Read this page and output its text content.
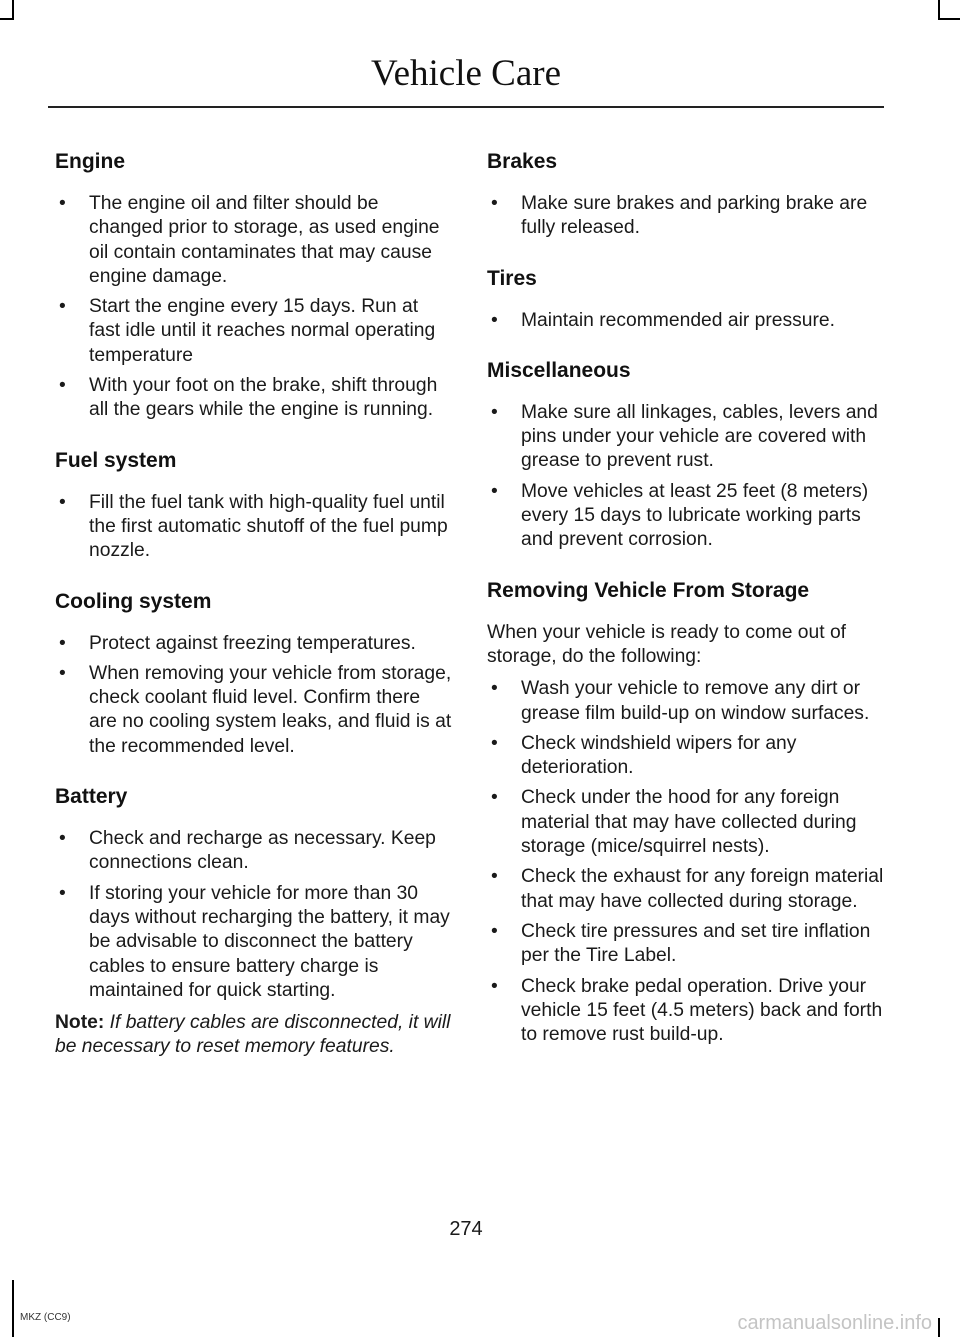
Vehicle Care
Engine
• The engine oil and filter should be changed prior to storage, as used engine oil contain contaminates that may cause engine damage.
• Start the engine every 15 days. Run at fast idle until it reaches normal operating temperature
• With your foot on the brake, shift through all the gears while the engine is running.
Fuel system
• Fill the fuel tank with high-quality fuel until the first automatic shutoff of the fuel pump nozzle.
Cooling system
• Protect against freezing temperatures.
• When removing your vehicle from storage, check coolant fluid level. Confirm there are no cooling system leaks, and fluid is at the recommended level.
Battery
• Check and recharge as necessary. Keep connections clean.
• If storing your vehicle for more than 30 days without recharging the battery, it may be advisable to disconnect the battery cables to ensure battery charge is maintained for quick starting.

Note: If battery cables are disconnected, it will be necessary to reset memory features.

Brakes
• Make sure brakes and parking brake are fully released.
Tires
• Maintain recommended air pressure.
Miscellaneous
• Make sure all linkages, cables, levers and pins under your vehicle are covered with grease to prevent rust.
• Move vehicles at least 25 feet (8 meters) every 15 days to lubricate working parts and prevent corrosion.
Removing Vehicle From Storage

When your vehicle is ready to come out of storage, do the following:

• Wash your vehicle to remove any dirt or grease film build-up on window surfaces.
• Check windshield wipers for any deterioration.
• Check under the hood for any foreign material that may have collected during storage (mice/squirrel nests).
• Check the exhaust for any foreign material that may have collected during storage.
• Check tire pressures and set tire inflation per the Tire Label.
• Check brake pedal operation. Drive your vehicle 15 feet (4.5 meters) back and forth to remove rust build-up.
274
MKZ (CC9)	carmanualsonline.info
